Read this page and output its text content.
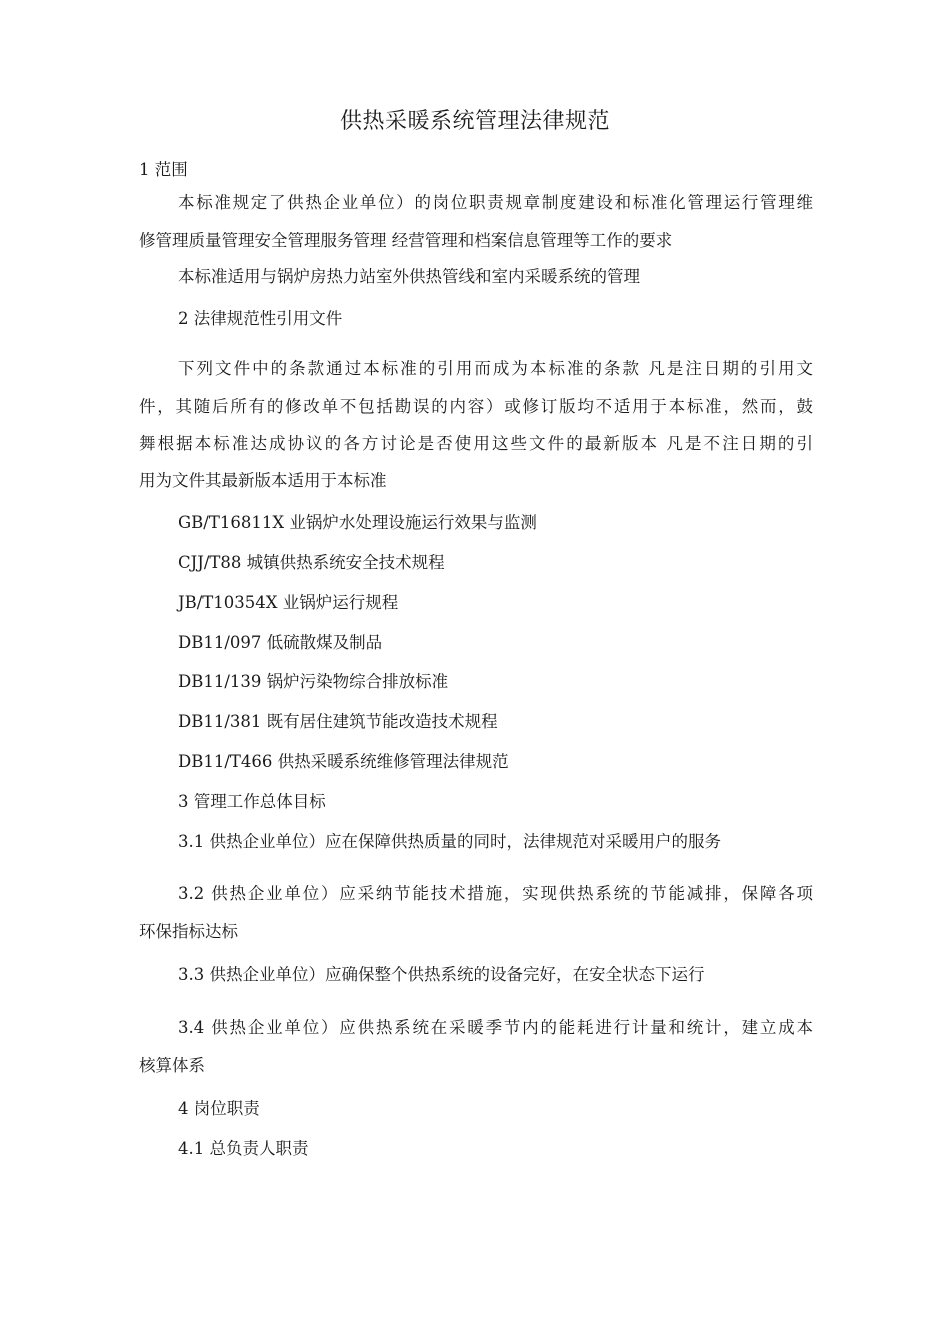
供热采暖系统管理法律规范
1 范围
本标准规定了供热企业单位）的岗位职责规章制度建设和标准化管理运行管理维
修管理质量管理安全管理服务管理 经营管理和档案信息管理等工作的要求
本标准适用与锅炉房热力站室外供热管线和室内采暖系统的管理
2 法律规范性引用文件
下列文件中的条款通过本标准的引用而成为本标准的条款 凡是注日期的引用文
件，其随后所有的修改单不包括勘误的内容）或修订版均不适用于本标准，然而，鼓
舞根据本标准达成协议的各方讨论是否使用这些文件的最新版本 凡是不注日期的引
用为文件其最新版本适用于本标准
GB/T16811X 业锅炉水处理设施运行效果与监测
CJJ/T88 城镇供热系统安全技术规程
JB/T10354X 业锅炉运行规程
DB11/097 低硫散煤及制品
DB11/139 锅炉污染物综合排放标准
DB11/381 既有居住建筑节能改造技术规程
DB11/T466 供热采暖系统维修管理法律规范
3 管理工作总体目标
3.1 供热企业单位）应在保障供热质量的同时，法律规范对采暖用户的服务
3.2 供热企业单位）应采纳节能技术措施，实现供热系统的节能减排，保障各项
环保指标达标
3.3 供热企业单位）应确保整个供热系统的设备完好，在安全状态下运行
3.4 供热企业单位）应供热系统在采暖季节内的能耗进行计量和统计，建立成本
核算体系
4 岗位职责
4.1 总负责人职责
